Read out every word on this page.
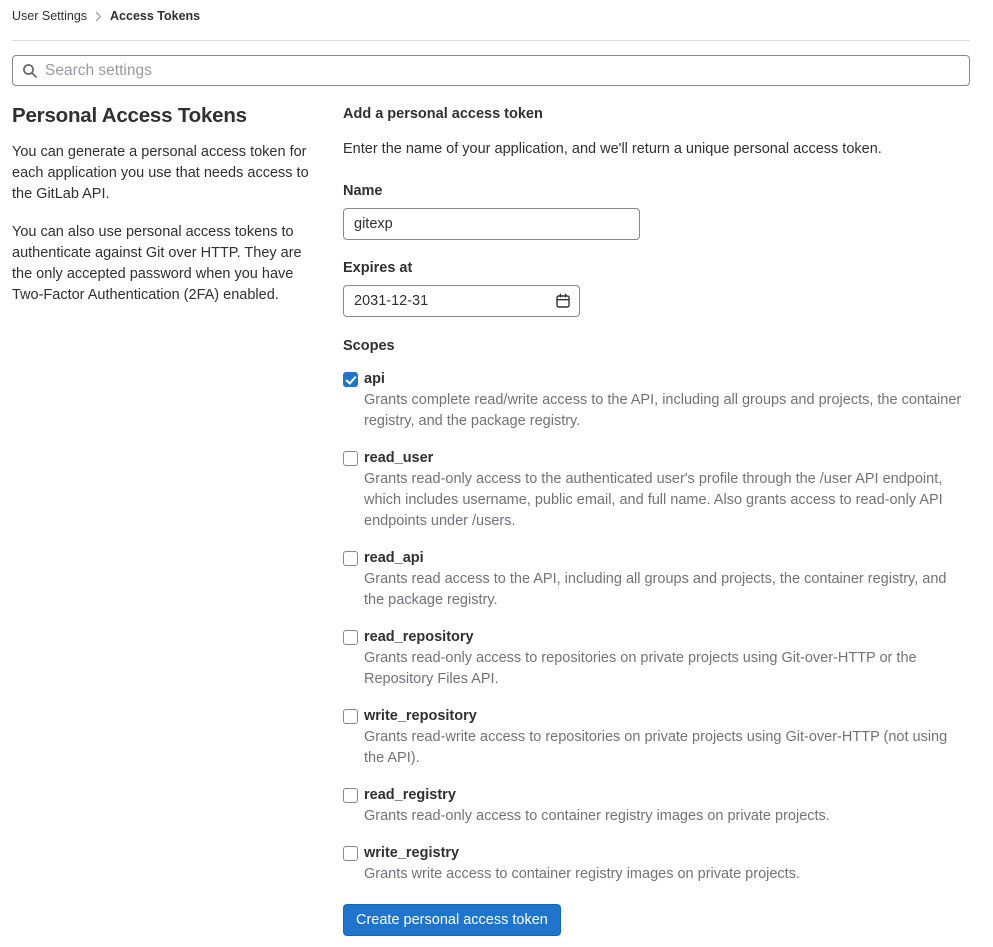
User Settings Access Tokens
Search settings
Personal Access Tokens

You can generate a personal access token for each application you use that needs access to the GitLab API.

You can also use personal access tokens to authenticate against Git over HTTP. They are the only accepted password when you have Two-Factor Authentication (2FA) enabled.

Add a personal access token

Enter the name of your application, and we'll return a unique personal access token.

Name
gitexp
Expires at
2031-12-31
Scopes
api
Grants complete read/write access to the API, including all groups and projects, the container registry, and the package registry.
read_user
Grants read-only access to the authenticated user's profile through the /user API endpoint, which includes username, public email, and full name. Also grants access to read-only API endpoints under /users.
read_api
Grants read access to the API, including all groups and projects, the container registry, and the package registry.
read_repository
Grants read-only access to repositories on private projects using Git-over-HTTP or the Repository Files API.
write_repository
Grants read-write access to repositories on private projects using Git-over-HTTP (not using the API).
read_registry
Grants read-only access to container registry images on private projects.
write_registry
Grants write access to container registry images on private projects.
Create personal access token
